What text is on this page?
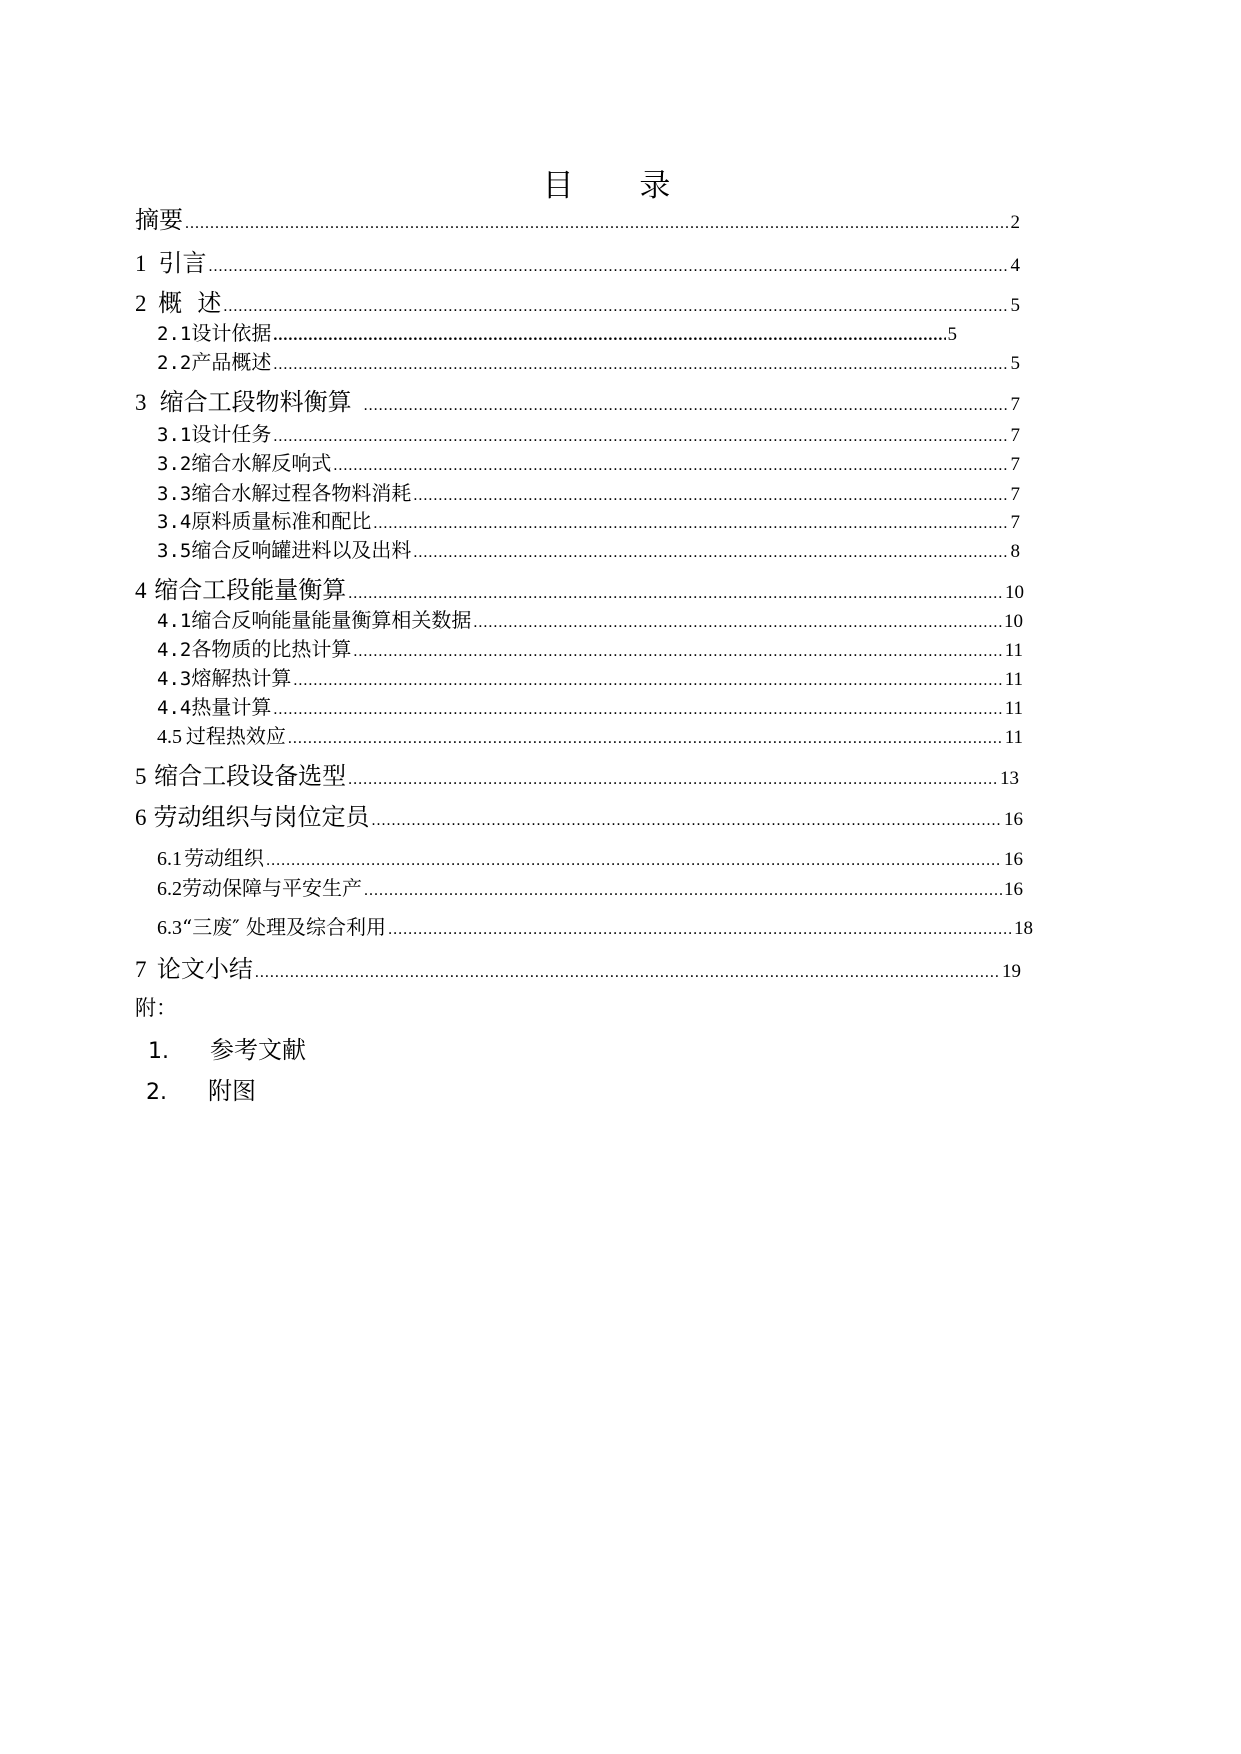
目 录
摘要 .....	2
1 引言 .....	4
2 概  述 .....	5
2.1 设计依据 .....	5
2.2 产品概述 .....	5
3 缩合工段物料衡算 .....	7
3.1 设计任务 .....	7
3.2 缩合水解反响式 .....	7
3.3 缩合水解过程各物料消耗 .....	7
3.4 原料质量标准和配比 .....	7
3.5 缩合反响罐进料以及出料 .....	8
4 缩合工段能量衡算 .....	10
4.1 缩合反响能量能量衡算相关数据 .....	10
4.2 各物质的比热计算 .....	11
4.3 熔解热计算 .....	11
4.4 热量计算 .....	11
4.5 过程热效应 .....	11
5 缩合工段设备选型 .....	13
6 劳动组织与岗位定员 .....	16
6.1 劳动组织 .....	16
6.2 劳动保障与平安生产 .....	16
6.3 “三废″ 处理及综合利用 .....	18
7 论文小结 .....	19
附：
1. 参考文献
2. 附图
